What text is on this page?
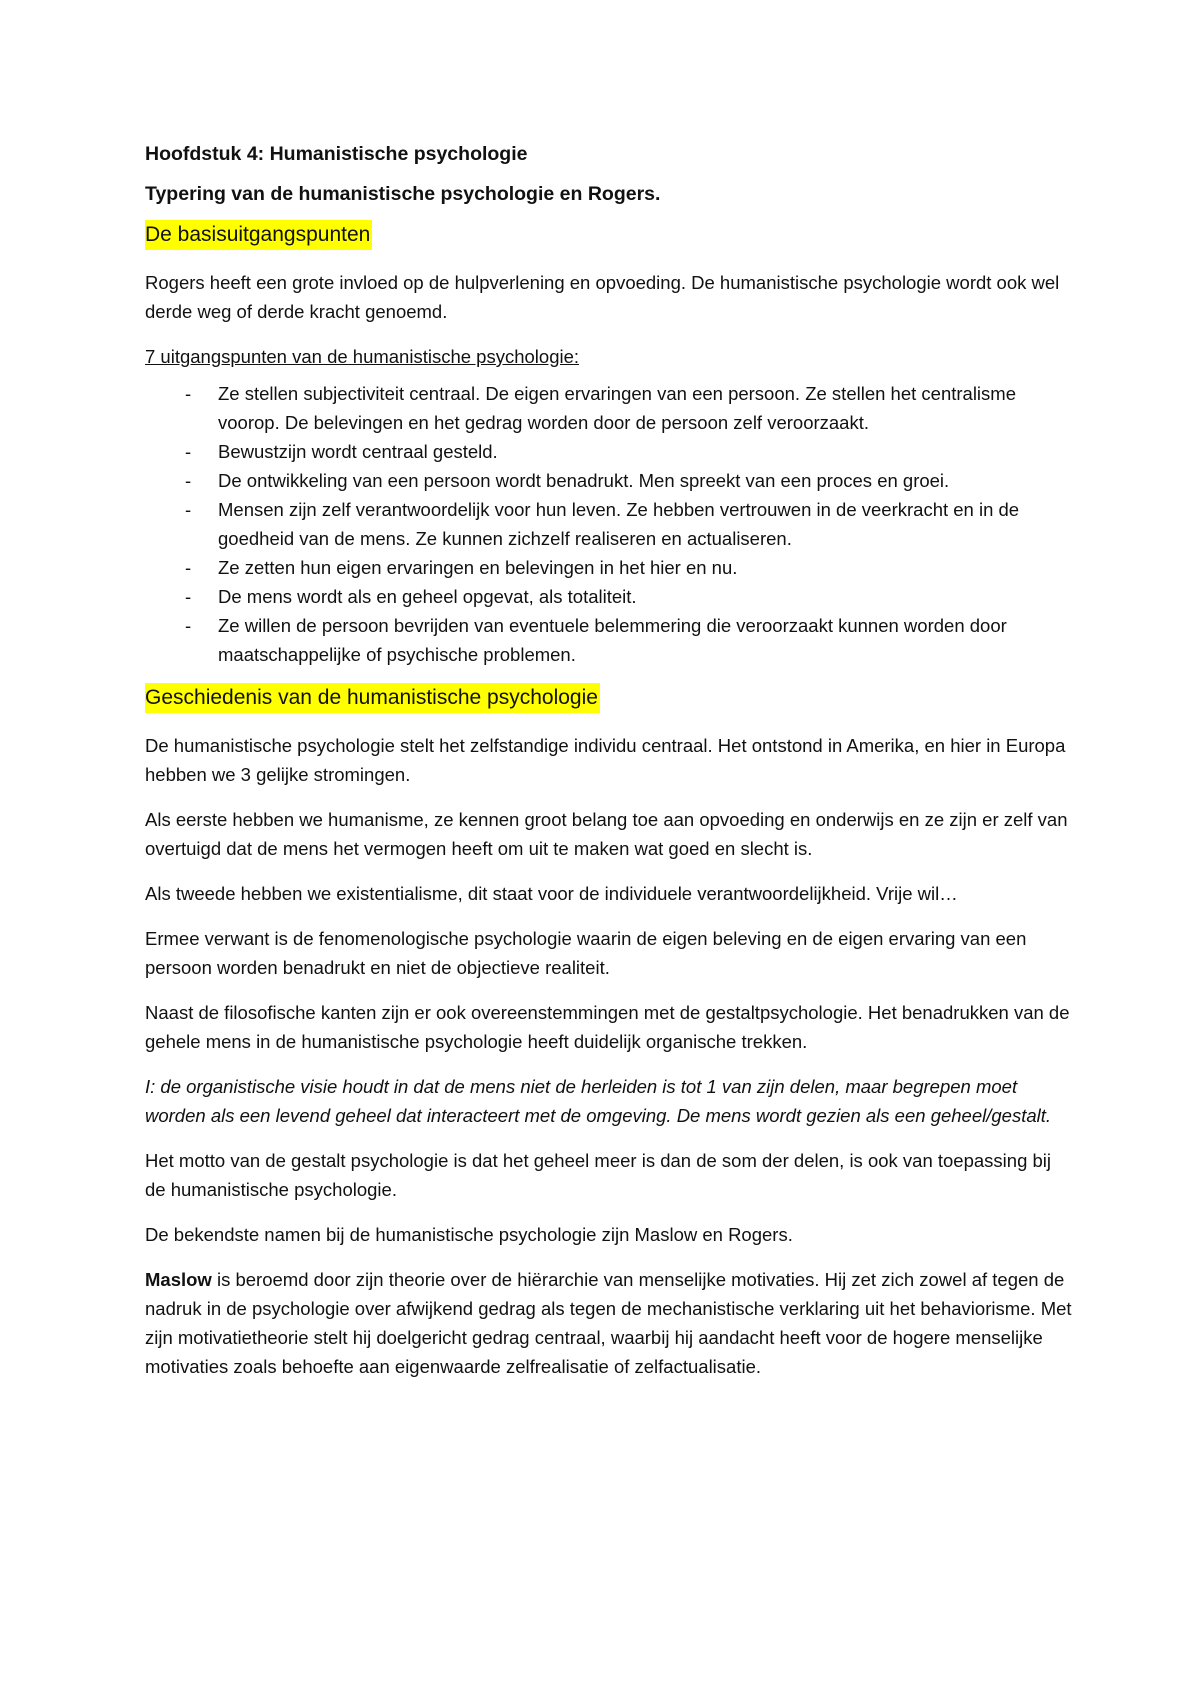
Hoofdstuk 4: Humanistische psychologie

Typering van de humanistische psychologie en Rogers.

De basisuitgangspunten

Rogers heeft een grote invloed op de hulpverlening en opvoeding. De humanistische psychologie wordt ook wel derde weg of derde kracht genoemd.

7 uitgangspunten van de humanistische psychologie:

- Ze stellen subjectiviteit centraal. De eigen ervaringen van een persoon. Ze stellen het centralisme voorop. De belevingen en het gedrag worden door de persoon zelf veroorzaakt.
- Bewustzijn wordt centraal gesteld.
- De ontwikkeling van een persoon wordt benadrukt. Men spreekt van een proces en groei.
- Mensen zijn zelf verantwoordelijk voor hun leven. Ze hebben vertrouwen in de veerkracht en in de goedheid van de mens. Ze kunnen zichzelf realiseren en actualiseren.
- Ze zetten hun eigen ervaringen en belevingen in het hier en nu.
- De mens wordt als en geheel opgevat, als totaliteit.
- Ze willen de persoon bevrijden van eventuele belemmering die veroorzaakt kunnen worden door maatschappelijke of psychische problemen.
Geschiedenis van de humanistische psychologie

De humanistische psychologie stelt het zelfstandige individu centraal. Het ontstond in Amerika, en hier in Europa hebben we 3 gelijke stromingen.

Als eerste hebben we humanisme, ze kennen groot belang toe aan opvoeding en onderwijs en ze zijn er zelf van overtuigd dat de mens het vermogen heeft om uit te maken wat goed en slecht is.

Als tweede hebben we existentialisme, dit staat voor de individuele verantwoordelijkheid. Vrije wil…

Ermee verwant is de fenomenologische psychologie waarin de eigen beleving en de eigen ervaring van een persoon worden benadrukt en niet de objectieve realiteit.

Naast de filosofische kanten zijn er ook overeenstemmingen met de gestaltpsychologie. Het benadrukken van de gehele mens in de humanistische psychologie heeft duidelijk organische trekken.

I: de organistische visie houdt in dat de mens niet de herleiden is tot 1 van zijn delen, maar begrepen moet worden als een levend geheel dat interacteert met de omgeving. De mens wordt gezien als een geheel/gestalt.

Het motto van de gestalt psychologie is dat het geheel meer is dan de som der delen, is ook van toepassing bij de humanistische psychologie.

De bekendste namen bij de humanistische psychologie zijn Maslow en Rogers.

Maslow is beroemd door zijn theorie over de hiërarchie van menselijke motivaties. Hij zet zich zowel af tegen de nadruk in de psychologie over afwijkend gedrag als tegen de mechanistische verklaring uit het behaviorisme. Met zijn motivatietheorie stelt hij doelgericht gedrag centraal, waarbij hij aandacht heeft voor de hogere menselijke motivaties zoals behoefte aan eigenwaarde zelfrealisatie of zelfactualisatie.
